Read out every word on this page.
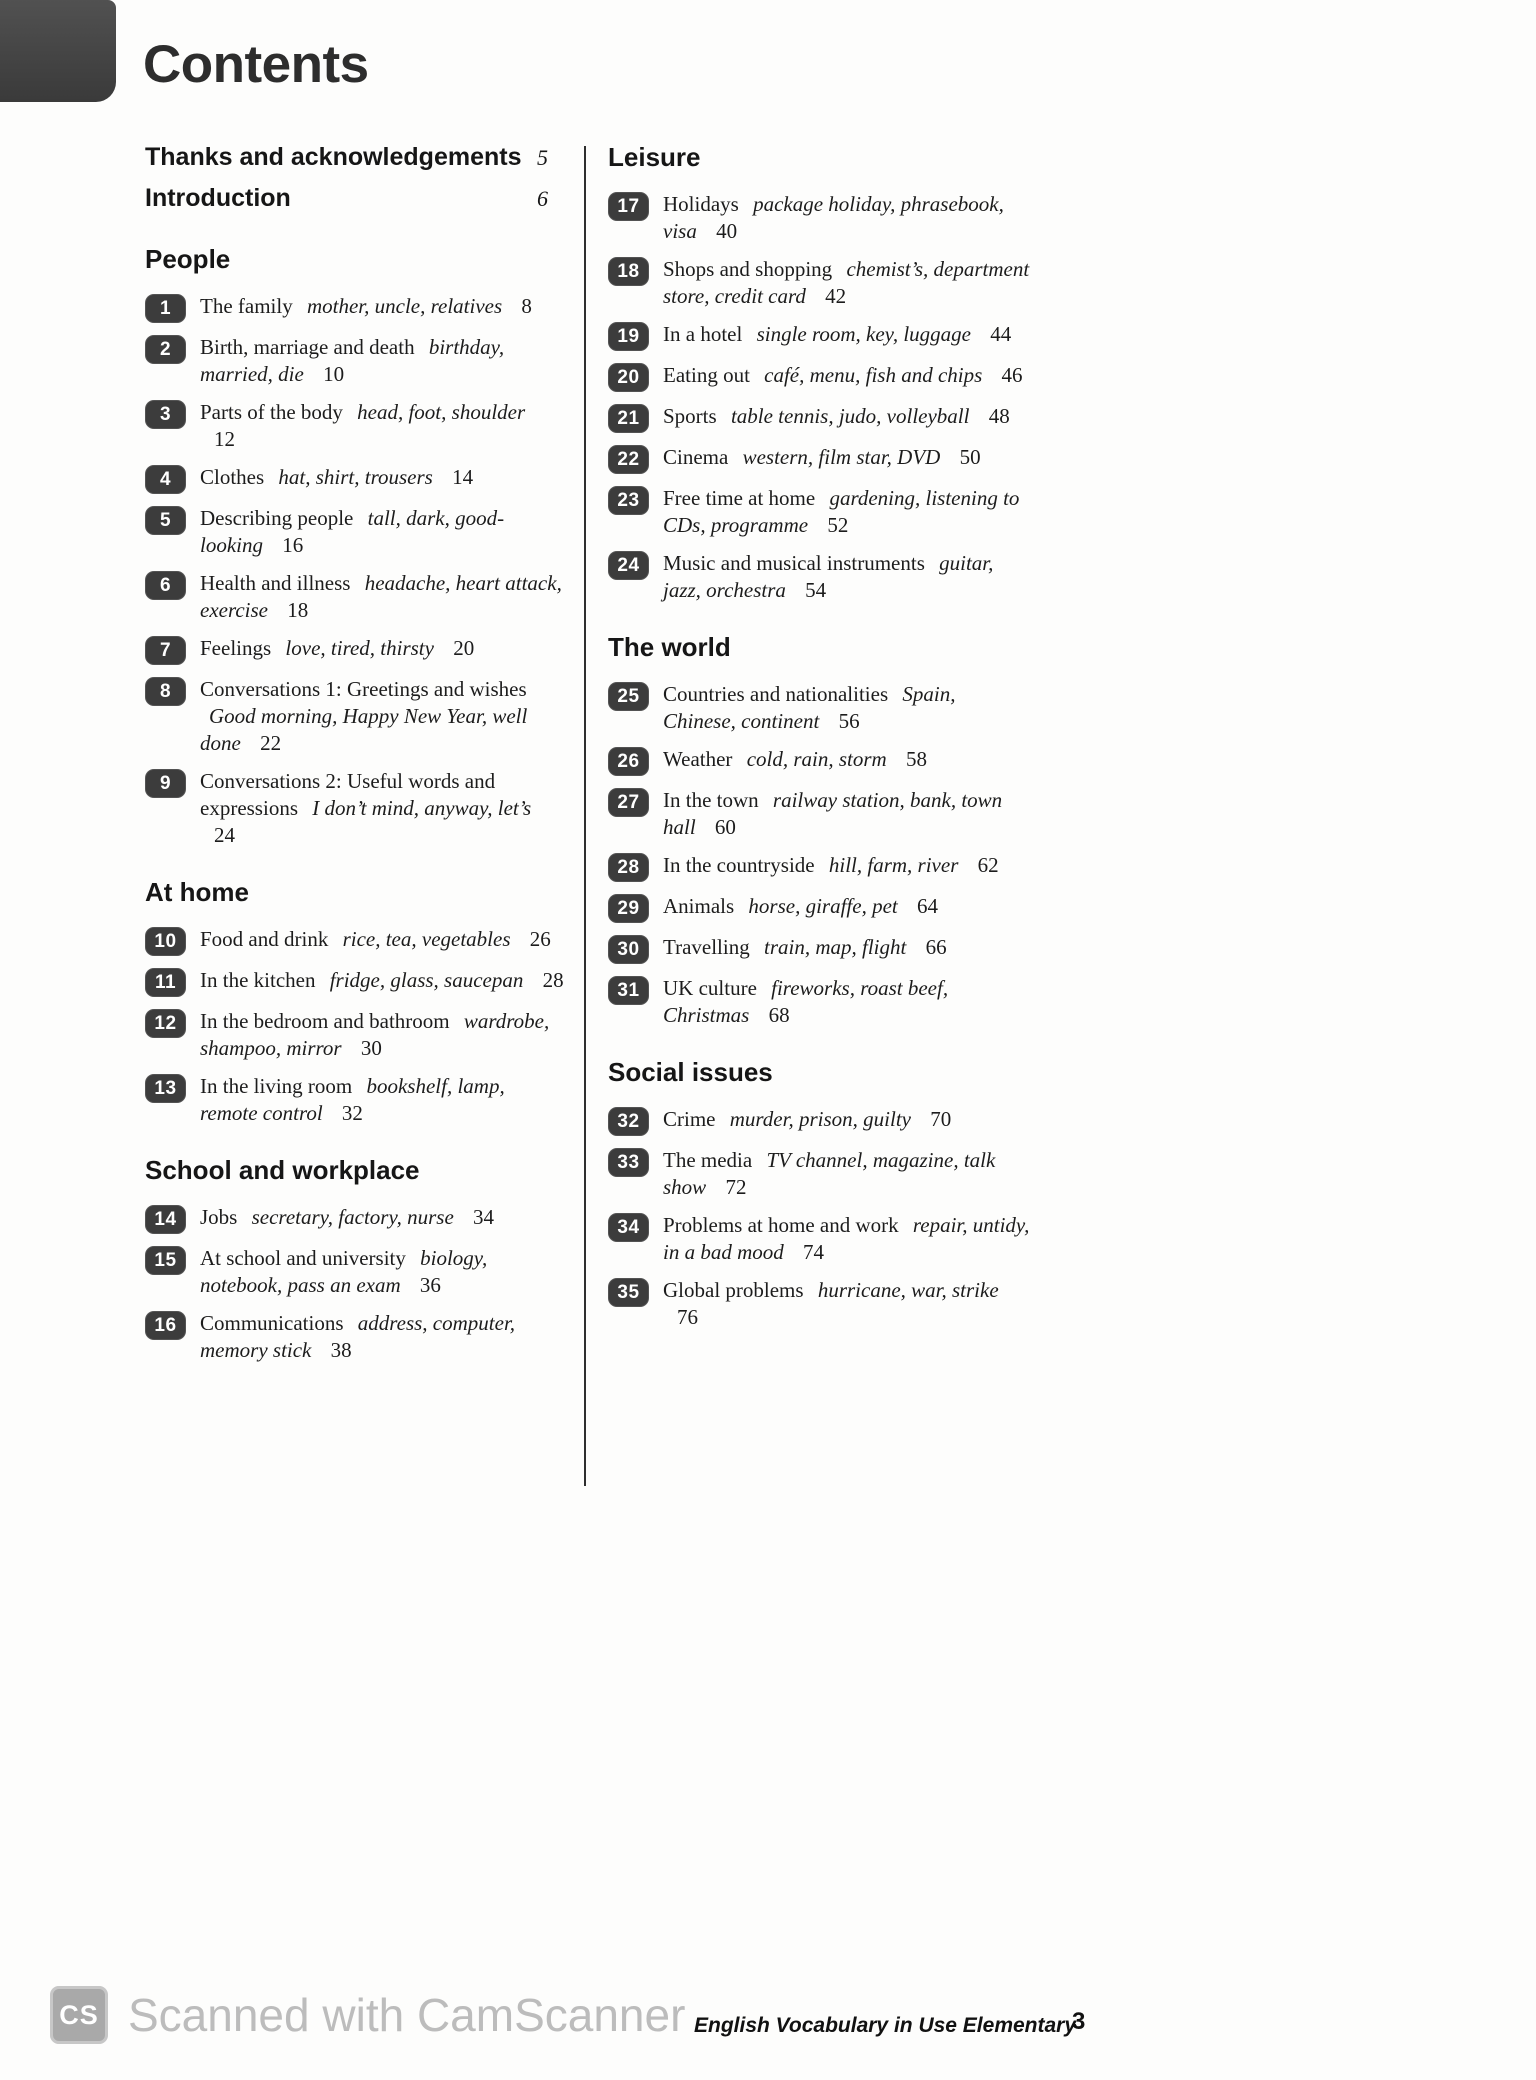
Contents
Thanks and acknowledgements 5
Introduction	6
People
1	The family mother, uncle, relatives 8
2	Birth, marriage and death birthday, married, die 10
3	Parts of the body head, foot, shoulder 12
4	Clothes hat, shirt, trousers 14
5	Describing people tall, dark, good-looking 16
6	Health and illness headache, heart attack, exercise 18
7	Feelings love, tired, thirsty 20
8	Conversations 1: Greetings and wishes Good morning, Happy New Year, well done 22
9	Conversations 2: Useful words and expressions I don’t mind, anyway, let’s 24
At home
10	Food and drink rice, tea, vegetables 26
11	In the kitchen fridge, glass, saucepan 28
12	In the bedroom and bathroom wardrobe, shampoo, mirror 30
13	In the living room bookshelf, lamp, remote control 32
School and workplace
14	Jobs secretary, factory, nurse 34
15	At school and university biology, notebook, pass an exam 36
16	Communications address, computer, memory stick 38
Leisure
17	Holidays package holiday, phrasebook, visa 40
18	Shops and shopping chemist’s, department store, credit card 42
19	In a hotel single room, key, luggage 44
20	Eating out café, menu, fish and chips 46
21	Sports table tennis, judo, volleyball 48
22	Cinema western, film star, DVD 50
23	Free time at home gardening, listening to CDs, programme 52
24	Music and musical instruments guitar, jazz, orchestra 54
The world
25	Countries and nationalities Spain, Chinese, continent 56
26	Weather cold, rain, storm 58
27	In the town railway station, bank, town hall 60
28	In the countryside hill, farm, river 62
29	Animals horse, giraffe, pet 64
30	Travelling train, map, flight 66
31	UK culture fireworks, roast beef, Christmas 68
Social issues
32	Crime murder, prison, guilty 70
33	The media TV channel, magazine, talk show 72
34	Problems at home and work repair, untidy, in a bad mood 74
35	Global problems hurricane, war, strike 76
CS Scanned with CamScanner English Vocabulary in Use Elementary
3
